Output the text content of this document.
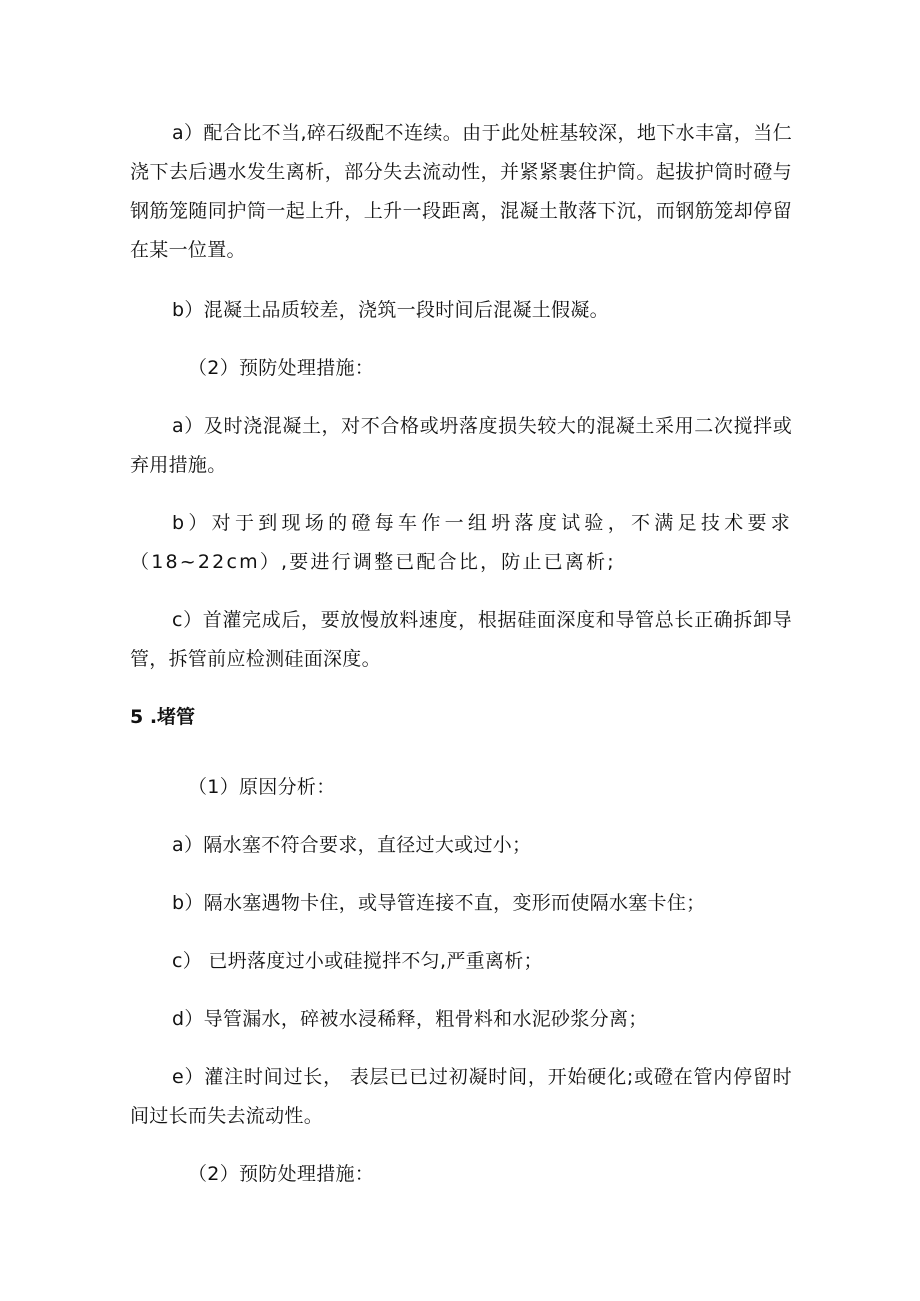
a）配合比不当,碎石级配不连续。由于此处桩基较深，地下水丰富，当仁浇下去后遇水发生离析，部分失去流动性，并紧紧裹住护筒。起拔护筒时磴与钢筋笼随同护筒一起上升，上升一段距离，混凝土散落下沉，而钢筋笼却停留在某一位置。

b）混凝土品质较差，浇筑一段时间后混凝土假凝。

（2）预防处理措施：

a）及时浇混凝土，对不合格或坍落度损失较大的混凝土采用二次搅拌或弃用措施。

b）对于到现场的磴每车作一组坍落度试验，不满足技术要求（18~22cm）,要进行调整已配合比，防止已离析;

c）首灌完成后，要放慢放料速度，根据硅面深度和导管总长正确拆卸导管，拆管前应检测硅面深度。

5 .堵管

（1）原因分析：

a）隔水塞不符合要求，直径过大或过小；

b）隔水塞遇物卡住，或导管连接不直，变形而使隔水塞卡住；

c） 已坍落度过小或硅搅拌不匀,严重离析；

d）导管漏水，碎被水浸稀释，粗骨料和水泥砂浆分离；

e）灌注时间过长， 表层已已过初凝时间，开始硬化;或磴在管内停留时间过长而失去流动性。

（2）预防处理措施：
